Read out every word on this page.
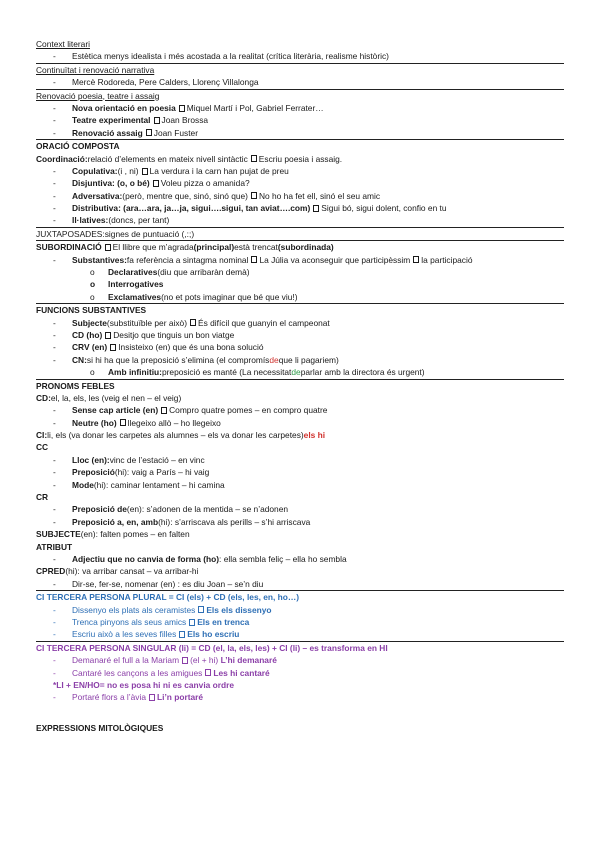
Context literari
-	Estètica menys idealista i més acostada a la realitat (crítica literària, realisme històric)
Continuïtat i renovació narrativa
-	Mercè Rodoreda, Pere Calders, Llorenç Villalonga
Renovació poesia, teatre i assaig
-	Nova orientació en poesia Miquel Martí i Pol, Gabriel Ferrater…
-	Teatre experimental Joan Brossa
-	Renovació assaig Joan Fuster
ORACIÓ COMPOSTA
Coordinació: relació d’elements en mateix nivell sintàctic Escriu poesia i assaig.
-	Copulativa: (i , ni) La verdura i la carn han pujat de preu
-	Disjuntiva: (o, o bé) Voleu pizza o amanida?
-	Adversativa: (però, mentre que, sinó, sinó que) No ho ha fet ell, sinó el seu amic
-	Distributiva: (ara…ara, ja…ja, sigui….sigui, tan aviat….com) Sigui bó, sigui dolent, confio en tu
-	Il·latives: (doncs, per tant)
JUXTAPOSADES: signes de puntuació (,:;)
SUBORDINACIÓ El llibre que m’agrada (principal) està trencat (subordinada)
-	Substantives: fa referència a sintagma nominal La Júlia va aconseguir que participèssim la participació
o	Declaratives (diu que arribaràn demà)
o	Interrogatives
o	Exclamatives (no et pots imaginar que bé que viu!)
FUNCIONS SUBSTANTIVES
-	Subjecte (substituïble per això) És difícil que guanyin el campeonat
-	CD (ho) Desitjo que tinguis un bon viatge
-	CRV (en) Insisteixo (en) que és una bona solució
-	CN: si hi ha que la preposició s’elimina (el compromís de que li pagariem)
o	Amb infinitiu: preposició es manté (La necessitat de parlar amb la directora és urgent)
PRONOMS FEBLES
CD: el, la, els, les (veig el nen – el veig)
-	Sense cap article (en) Compro quatre pomes – en compro quatre
-	Neutre (ho) llegeixo allò – ho llegeixo
CI: li, els (va donar les carpetes als alumnes – els va donar les carpetes) els hi
CC
-	Lloc (en): vinc de l’estació – en vinc
-	Preposició (hi): vaig a París – hi vaig
-	Mode (hi): caminar lentament – hi camina
CR
-	Preposició de (en): s’adonen de la mentida – se n’adonen
-	Preposició a, en, amb (hi): s’arriscava als perills – s’hi arriscava
SUBJECTE (en): falten pomes – en falten
ATRIBUT
-	Adjectiu que no canvia de forma (ho) : ella sembla feliç – ella ho sembla
CPRED (hi): va arribar cansat – va arribar-hi
-	Dir-se, fer-se, nomenar (en) : es diu Joan – se’n diu
CI TERCERA PERSONA PLURAL = CI (els) + CD (els, les, en, ho…)
-	Dissenyo els plats als ceramistes Els els dissenyo
-	Trenca pinyons als seus amics Els en trenca
-	Escriu això a les seves filles Els ho escriu
CI TERCERA PERSONA SINGULAR (li) = CD (el, la, els, les) + CI (li) – es transforma en HI
-	Demanaré el full a la Mariam (el + hi)
L’hi demanaré
-	Cantaré les cançons a les amigues Les hi cantaré
*LI + EN/HO= no es posa hi ni es canvia ordre
-	Portaré flors a l’àvia Li’n portaré
EXPRESSIONS MITOLÒGIQUES
